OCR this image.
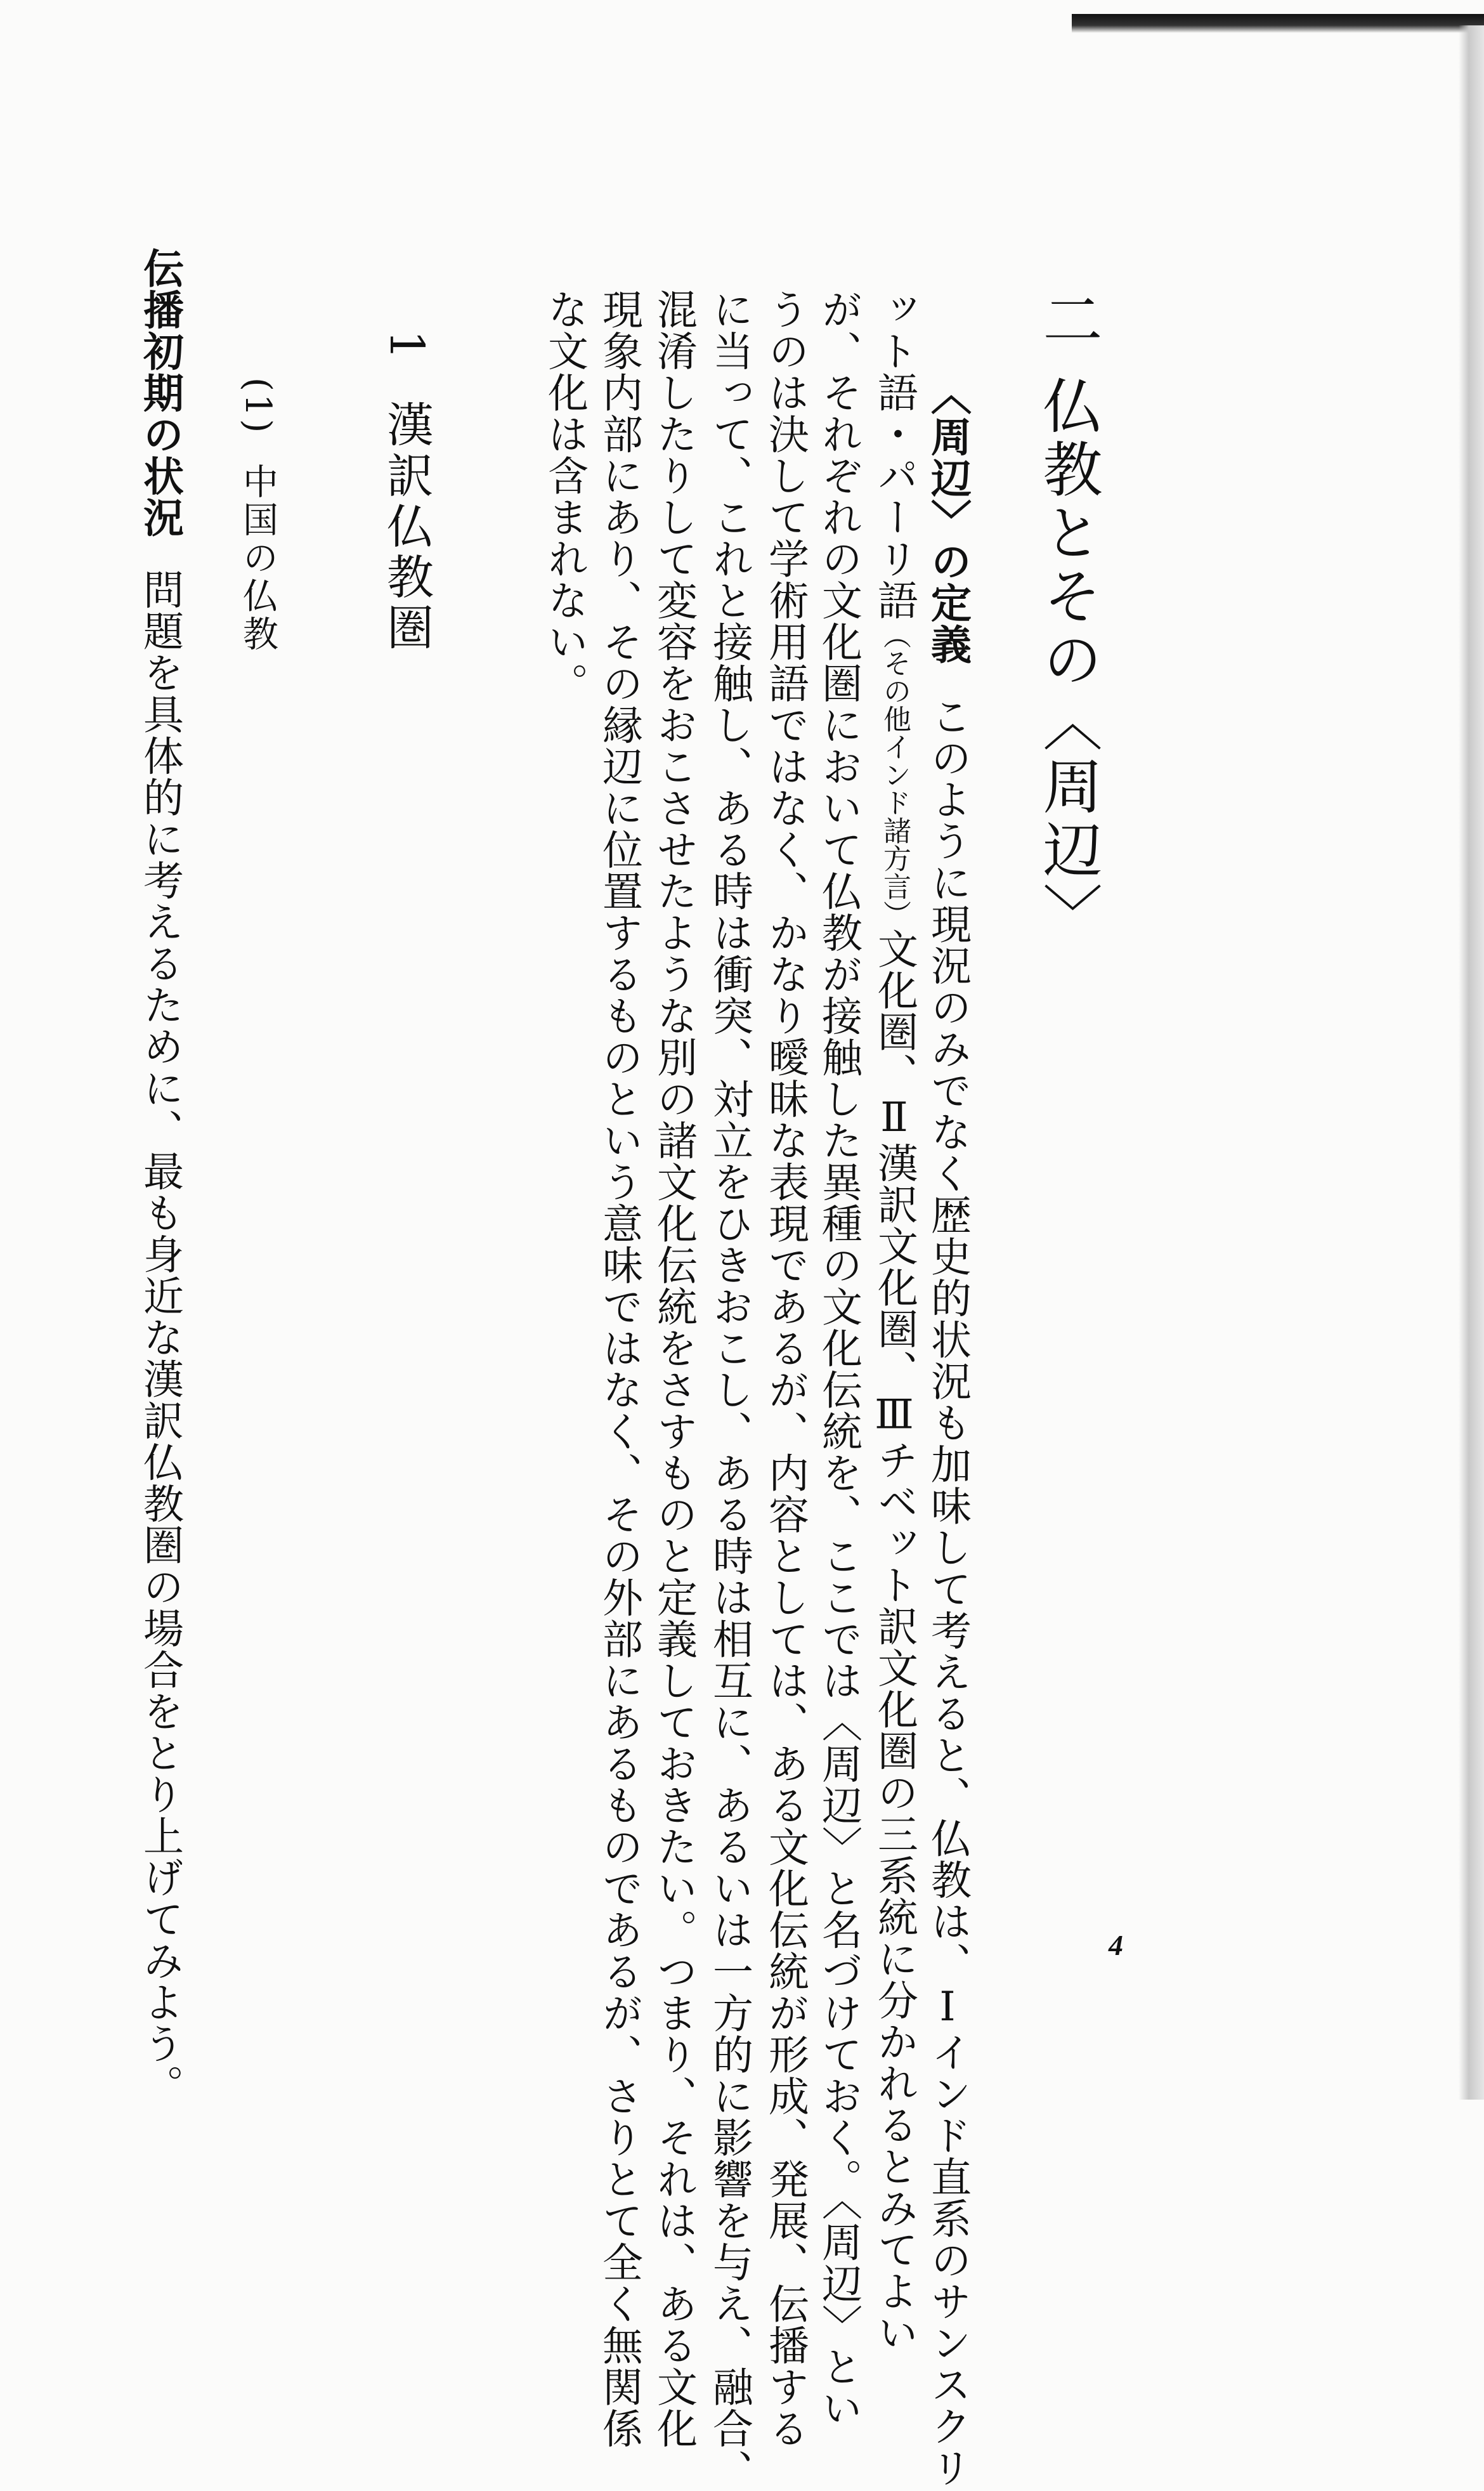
二仏教とその〈周辺〉
〈周辺〉の定義このように現況のみでなく歴史的状況も加味して考えると、仏教は、Ⅰインド直系のサンスクリ
ット語・パーリ語（その他インド諸方言）文化圏、Ⅱ漢訳文化圏、Ⅲチベット訳文化圏の三系統に分かれるとみてよい
が、それぞれの文化圏において仏教が接触した異種の文化伝統を、ここでは〈周辺〉と名づけておく。〈周辺〉とい
うのは決して学術用語ではなく、かなり曖昧な表現であるが、内容としては、ある文化伝統が形成、発展、伝播する
に当って、これと接触し、ある時は衝突、対立をひきおこし、ある時は相互に、あるいは一方的に影響を与え、融合、
混淆したりして変容をおこさせたような別の諸文化伝統をさすものと定義しておきたい。つまり、それは、ある文化
現象内部にあり、その縁辺に位置するものという意味ではなく、その外部にあるものであるが、さりとて全く無関係
な文化は含まれない。
1漢訳仏教圏
(1)中国の仏教
伝播初期の状況問題を具体的に考えるために、最も身近な漢訳仏教圏の場合をとり上げてみよう。	4
